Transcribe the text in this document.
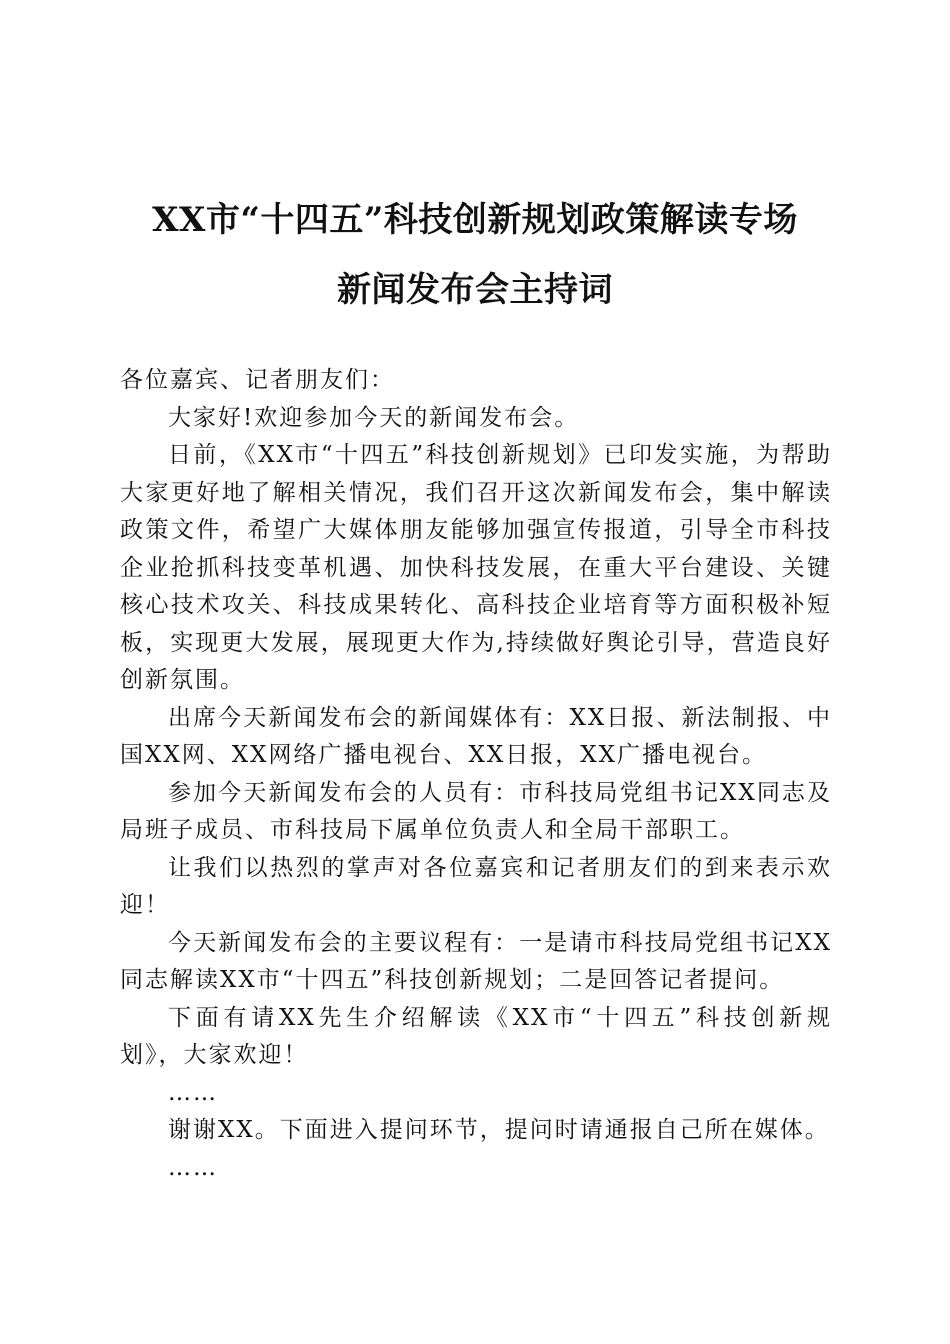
XX市“十四五”科技创新规划政策解读专场
新闻发布会主持词

各位嘉宾、记者朋友们：

大家好!欢迎参加今天的新闻发布会。

日前，《XX市“十四五”科技创新规划》已印发实施，为帮助大家更好地了解相关情况，我们召开这次新闻发布会，集中解读政策文件，希望广大媒体朋友能够加强宣传报道，引导全市科技企业抢抓科技变革机遇、加快科技发展，在重大平台建设、关键核心技术攻关、科技成果转化、高科技企业培育等方面积极补短板，实现更大发展，展现更大作为,持续做好舆论引导，营造良好创新氛围。

出席今天新闻发布会的新闻媒体有：XX日报、新法制报、中国XX网、XX网络广播电视台、XX日报，XX广播电视台。

参加今天新闻发布会的人员有：市科技局党组书记XX同志及局班子成员、市科技局下属单位负责人和全局干部职工。

让我们以热烈的掌声对各位嘉宾和记者朋友们的到来表示欢迎！

今天新闻发布会的主要议程有：一是请市科技局党组书记XX同志解读XX市“十四五”科技创新规划；二是回答记者提问。

下面有请XX先生介绍解读《XX市“十四五”科技创新规划》，大家欢迎！

……

谢谢XX。下面进入提问环节，提问时请通报自己所在媒体。

……
